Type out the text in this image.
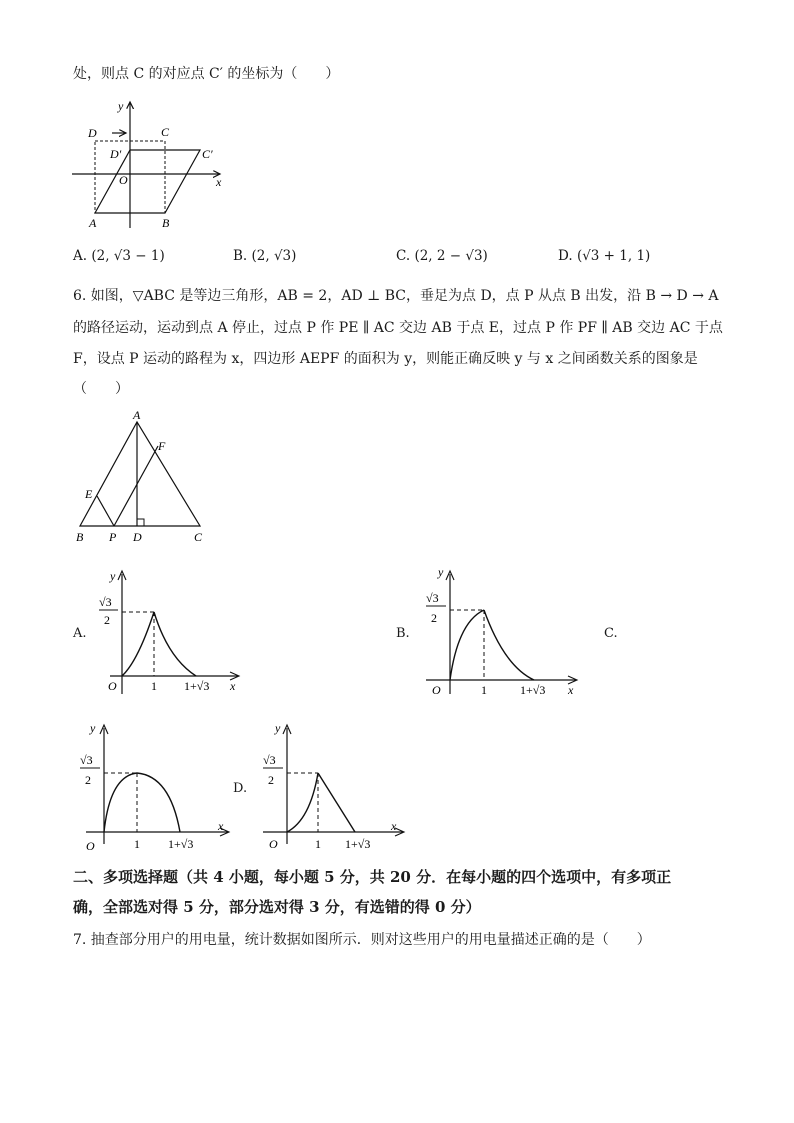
处，则点 C 的对应点 C′ 的坐标为（　　）
y
x
O
A	B
C
D
D′	C′
A. (2, √3 − 1)	B. (2, √3)	C. (2, 2 − √3)	D. (√3 + 1, 1)
6. 如图，▽ABC 是等边三角形，AB = 2，AD ⊥ BC，垂足为点 D，点 P 从点 B 出发，沿 B → D → A
的路径运动，运动到点 A 停止，过点 P 作 PE ∥ AC 交边 AB 于点 E，过点 P 作 PF ∥ AB 交边 AC 于点
F，设点 P 运动的路程为 x，四边形 AEPF 的面积为 y，则能正确反映 y 与 x 之间函数关系的图象是
（　　）
A
B	C
D
E
F
P
A.	B.	C.
D.
y
x
O	1 1+√3
√3
2
y
x
O	1	1+√3
√3
2
y
x
O	1 1+√3
√3
2
y
x
O	1 1+√3
√3
2
二、多项选择题（共 4 小题，每小题 5 分，共 20 分．在每小题的四个选项中，有多项正
确，全部选对得 5 分，部分选对得 3 分，有选错的得 0 分）
7. 抽查部分用户的用电量，统计数据如图所示．则对这些用户的用电量描述正确的是（　　）
